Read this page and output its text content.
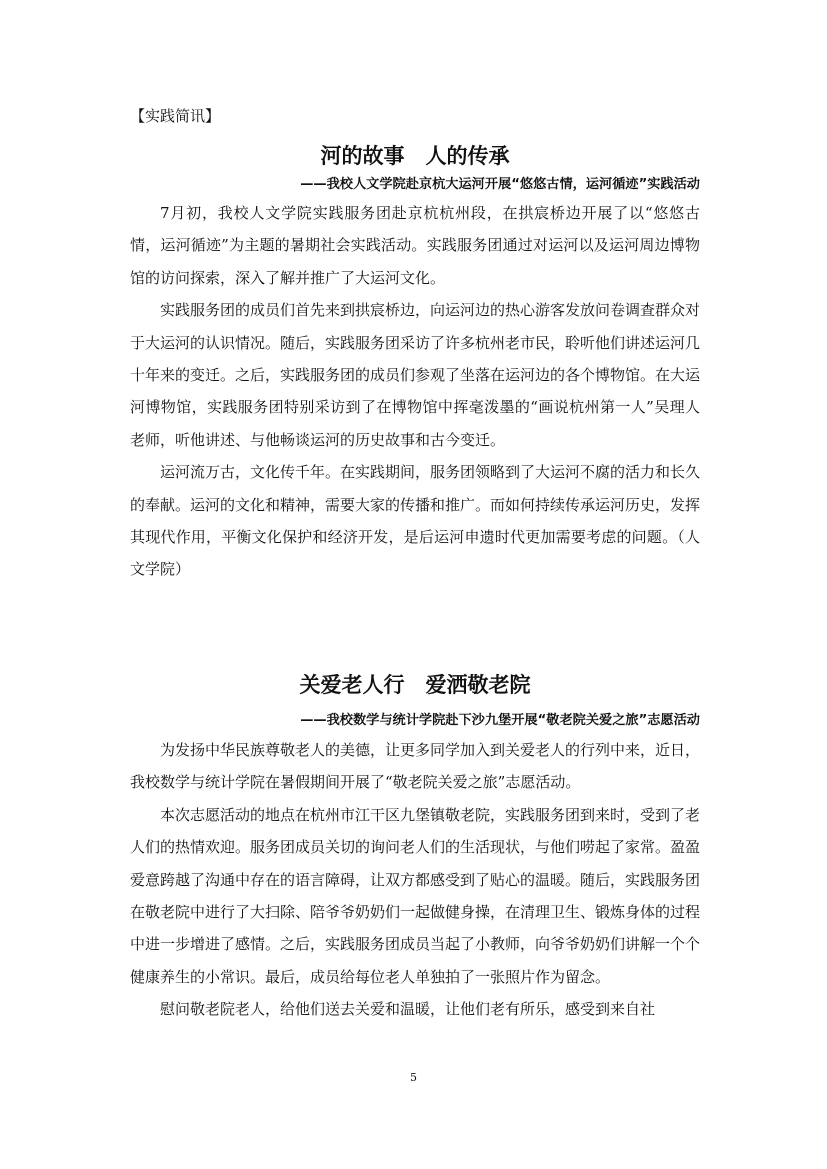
【实践简讯】
河的故事　人的传承
——我校人文学院赴京杭大运河开展“悠悠古情，运河循迹”实践活动

7月初，我校人文学院实践服务团赴京杭杭州段，在拱宸桥边开展了以“悠悠古情，运河循迹”为主题的暑期社会实践活动。实践服务团通过对运河以及运河周边博物馆的访问探索，深入了解并推广了大运河文化。

实践服务团的成员们首先来到拱宸桥边，向运河边的热心游客发放问卷调查群众对于大运河的认识情况。随后，实践服务团采访了许多杭州老市民，聆听他们讲述运河几十年来的变迁。之后，实践服务团的成员们参观了坐落在运河边的各个博物馆。在大运河博物馆，实践服务团特别采访到了在博物馆中挥毫泼墨的“画说杭州第一人”吴理人老师，听他讲述、与他畅谈运河的历史故事和古今变迁。

运河流万古，文化传千年。在实践期间，服务团领略到了大运河不腐的活力和长久的奉献。运河的文化和精神，需要大家的传播和推广。而如何持续传承运河历史，发挥其现代作用，平衡文化保护和经济开发，是后运河申遗时代更加需要考虑的问题。（人文学院）

关爱老人行　爱洒敬老院
——我校数学与统计学院赴下沙九堡开展“敬老院关爱之旅”志愿活动

为发扬中华民族尊敬老人的美德，让更多同学加入到关爱老人的行列中来，近日，我校数学与统计学院在暑假期间开展了“敬老院关爱之旅”志愿活动。

本次志愿活动的地点在杭州市江干区九堡镇敬老院，实践服务团到来时，受到了老人们的热情欢迎。服务团成员关切的询问老人们的生活现状，与他们唠起了家常。盈盈爱意跨越了沟通中存在的语言障碍，让双方都感受到了贴心的温暖。随后，实践服务团在敬老院中进行了大扫除、陪爷爷奶奶们一起做健身操，在清理卫生、锻炼身体的过程中进一步增进了感情。之后，实践服务团成员当起了小教师，向爷爷奶奶们讲解一个个健康养生的小常识。最后，成员给每位老人单独拍了一张照片作为留念。

慰问敬老院老人，给他们送去关爱和温暖，让他们老有所乐，感受到来自社

5
